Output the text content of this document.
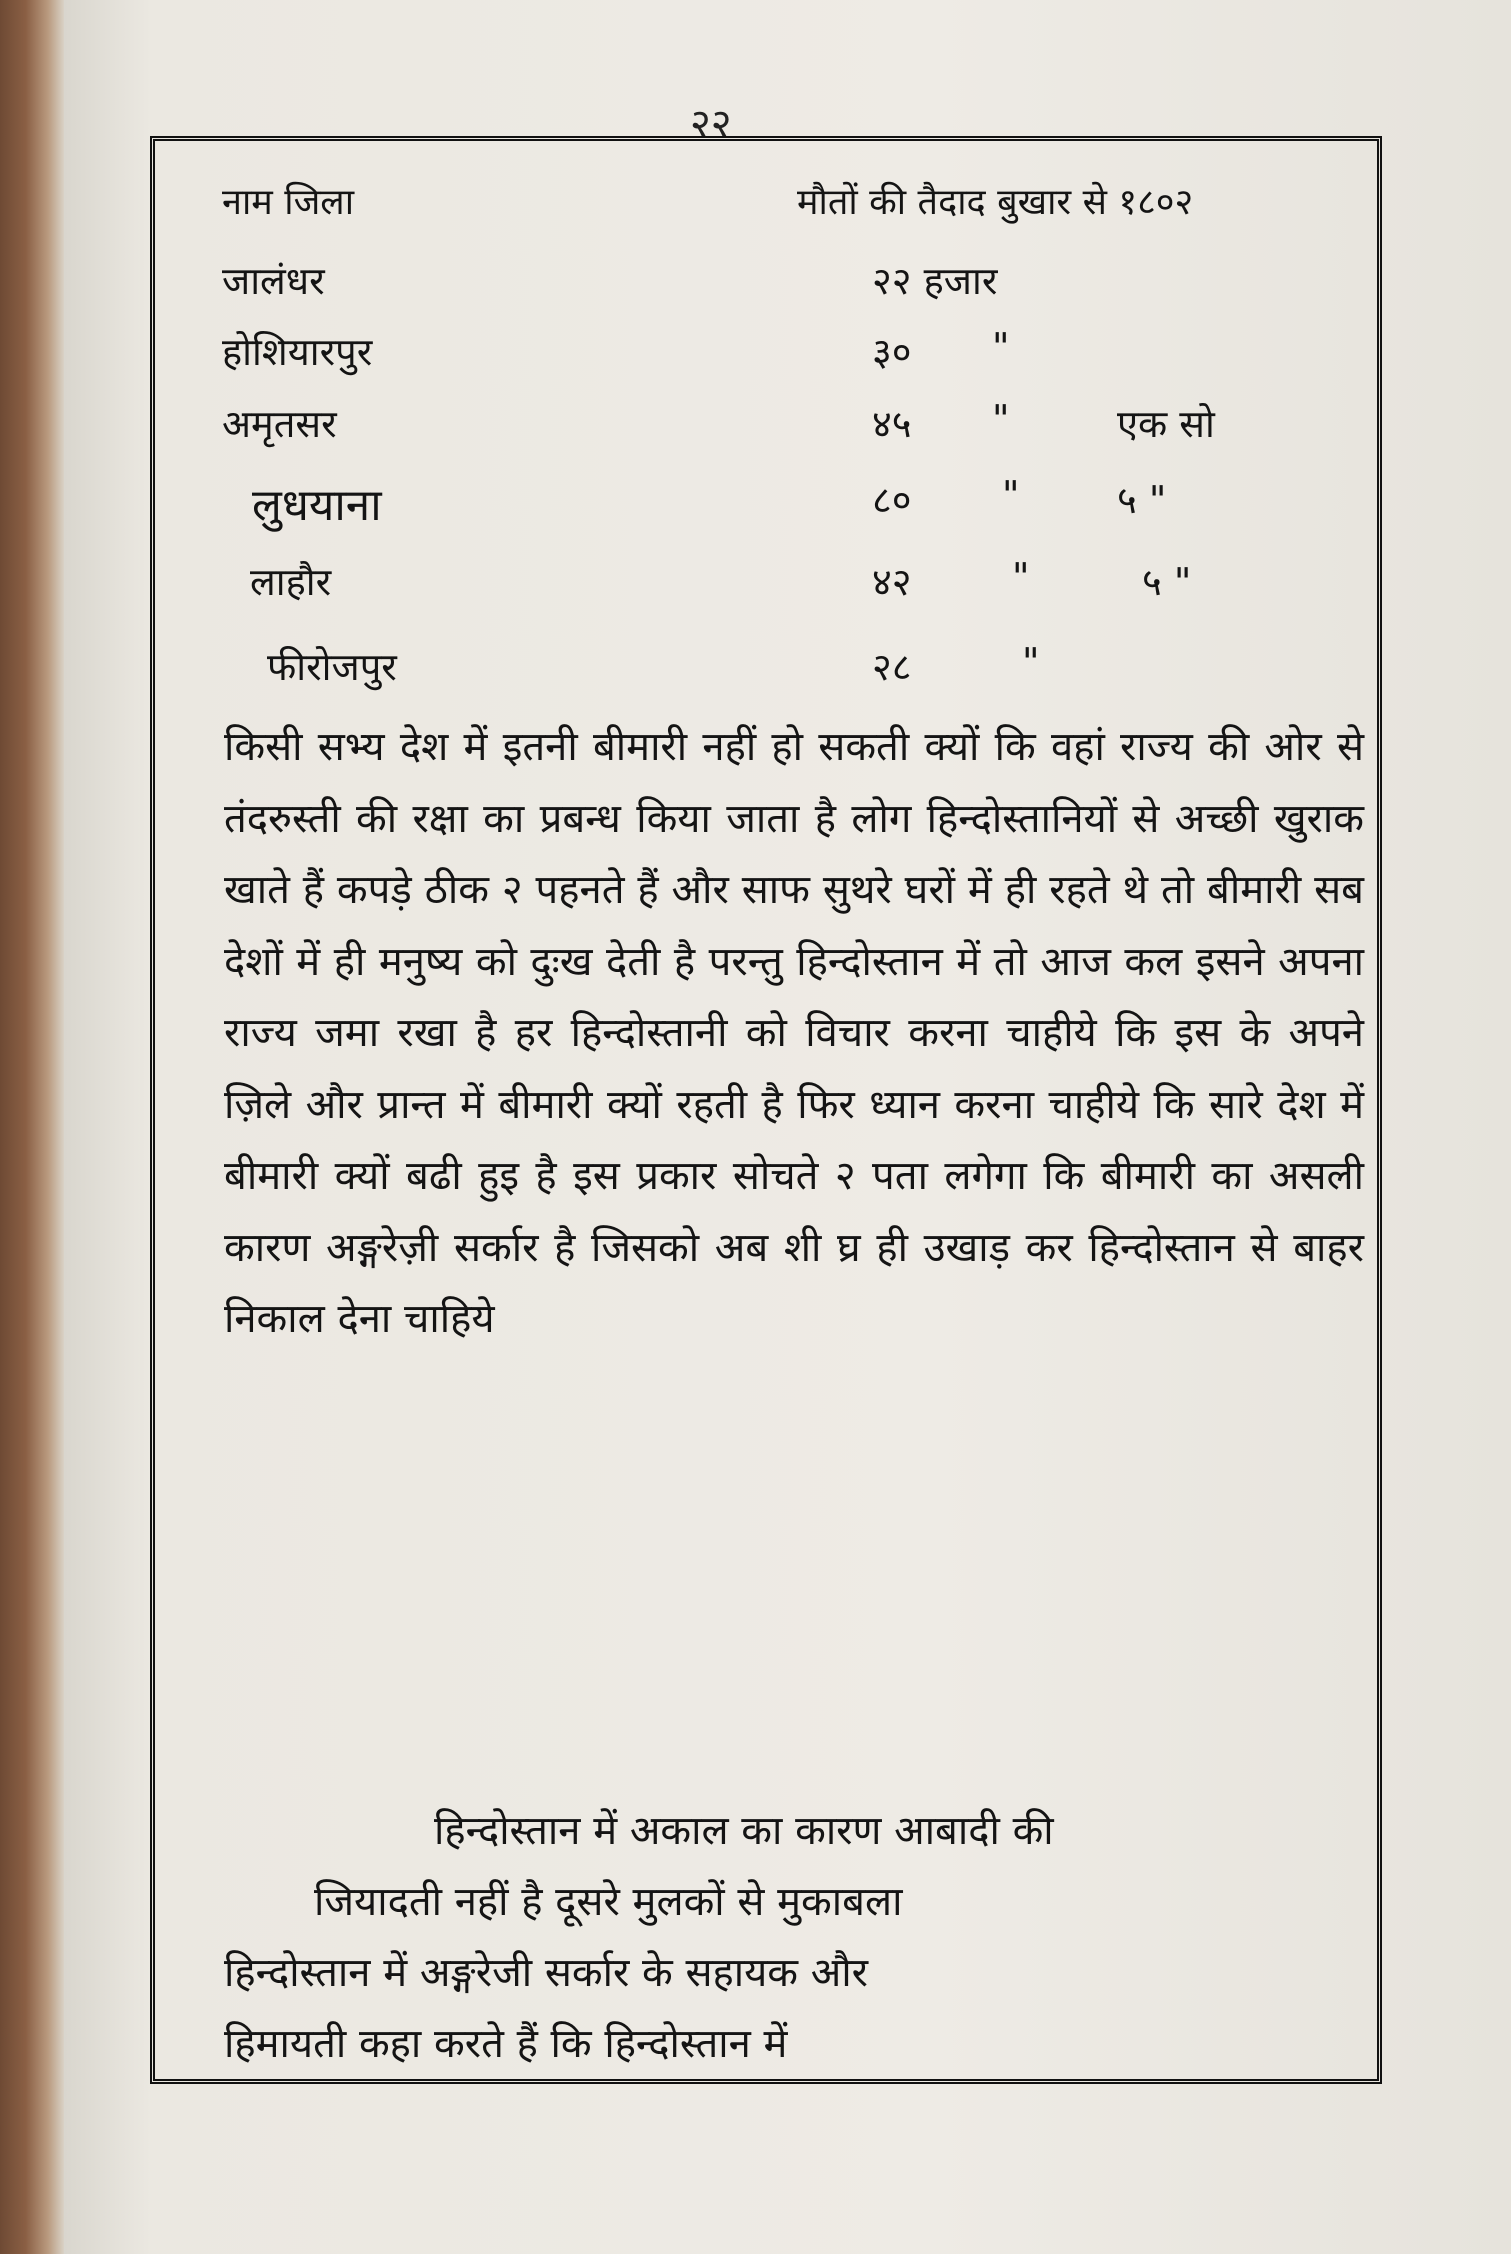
२२
नाम जिला	मौतों की तैदाद बुखार से १८०२
जालंधर	२२ हजार
होशियारपुर	३० "
अमृतसर	४५ "	एक सो
लुधयाना	८० "	५ "
लाहौर	४२	"	५ "
फीरोजपुर	२८	"
किसी सभ्य देश में इतनी बीमारी नहीं हो सकती क्यों कि वहां राज्य की ओर से तंदरुस्ती की रक्षा का प्रबन्ध किया जाता है लोग हिन्दोस्तानियों से अच्छी खुराक खाते हैं कपड़े ठीक २ पहनते हैं और साफ सुथरे घरों में ही रहते थे तो बीमारी सब देशों में ही मनुष्य को दुःख देती है परन्तु हिन्दोस्तान में तो आज कल इसने अपना राज्य जमा रखा है हर हिन्दोस्तानी को विचार करना चाहीये कि इस के अपने ज़िले और प्रान्त में बीमारी क्यों रहती है फिर ध्यान करना चाहीये कि सारे देश में बीमारी क्यों बढी हुइ है इस प्रकार सोचते २ पता लगेगा कि बीमारी का असली कारण अङ्गरेज़ी सर्कार है जिसको अब शी घ्र ही उखाड़ कर हिन्दोस्तान से बाहर निकाल देना चाहिये
हिन्दोस्तान में अकाल का कारण आबादी की
जियादती नहीं है दूसरे मुलकों से मुकाबला
हिन्दोस्तान में अङ्गरेजी सर्कार के सहायक और
हिमायती कहा करते हैं कि हिन्दोस्तान में
